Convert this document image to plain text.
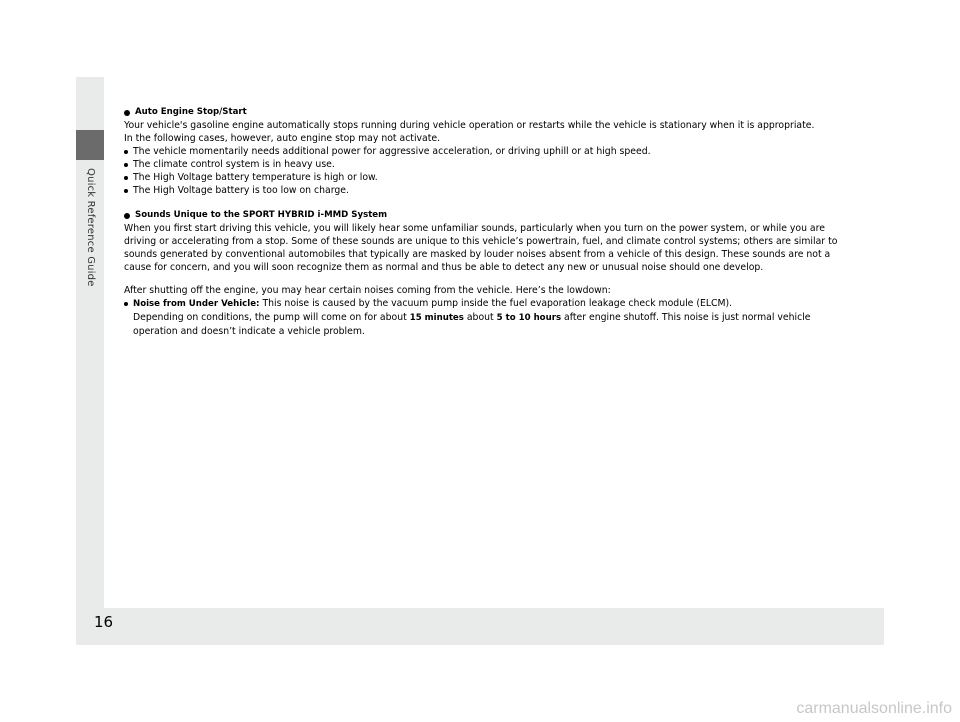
Quick Reference Guide
Auto Engine Stop/Start

Your vehicle's gasoline engine automatically stops running during vehicle operation or restarts while the vehicle is stationary when it is appropriate.

In the following cases, however, auto engine stop may not activate.

The vehicle momentarily needs additional power for aggressive acceleration, or driving uphill or at high speed.
The climate control system is in heavy use.
The High Voltage battery temperature is high or low.
The High Voltage battery is too low on charge.
Sounds Unique to the SPORT HYBRID i-MMD System

When you first start driving this vehicle, you will likely hear some unfamiliar sounds, particularly when you turn on the power system, or while you are driving or accelerating from a stop. Some of these sounds are unique to this vehicle’s powertrain, fuel, and climate control systems; others are similar to sounds generated by conventional automobiles that typically are masked by louder noises absent from a vehicle of this design. These sounds are not a cause for concern, and you will soon recognize them as normal and thus be able to detect any new or unusual noise should one develop.

After shutting off the engine, you may hear certain noises coming from the vehicle. Here’s the lowdown:

Noise from Under Vehicle: This noise is caused by the vacuum pump inside the fuel evaporation leakage check module (ELCM).
Depending on conditions, the pump will come on for about 15 minutes about 5 to 10 hours after engine shutoff. This noise is just normal vehicle operation and doesn’t indicate a vehicle problem.
16
carmanualsonline.info
